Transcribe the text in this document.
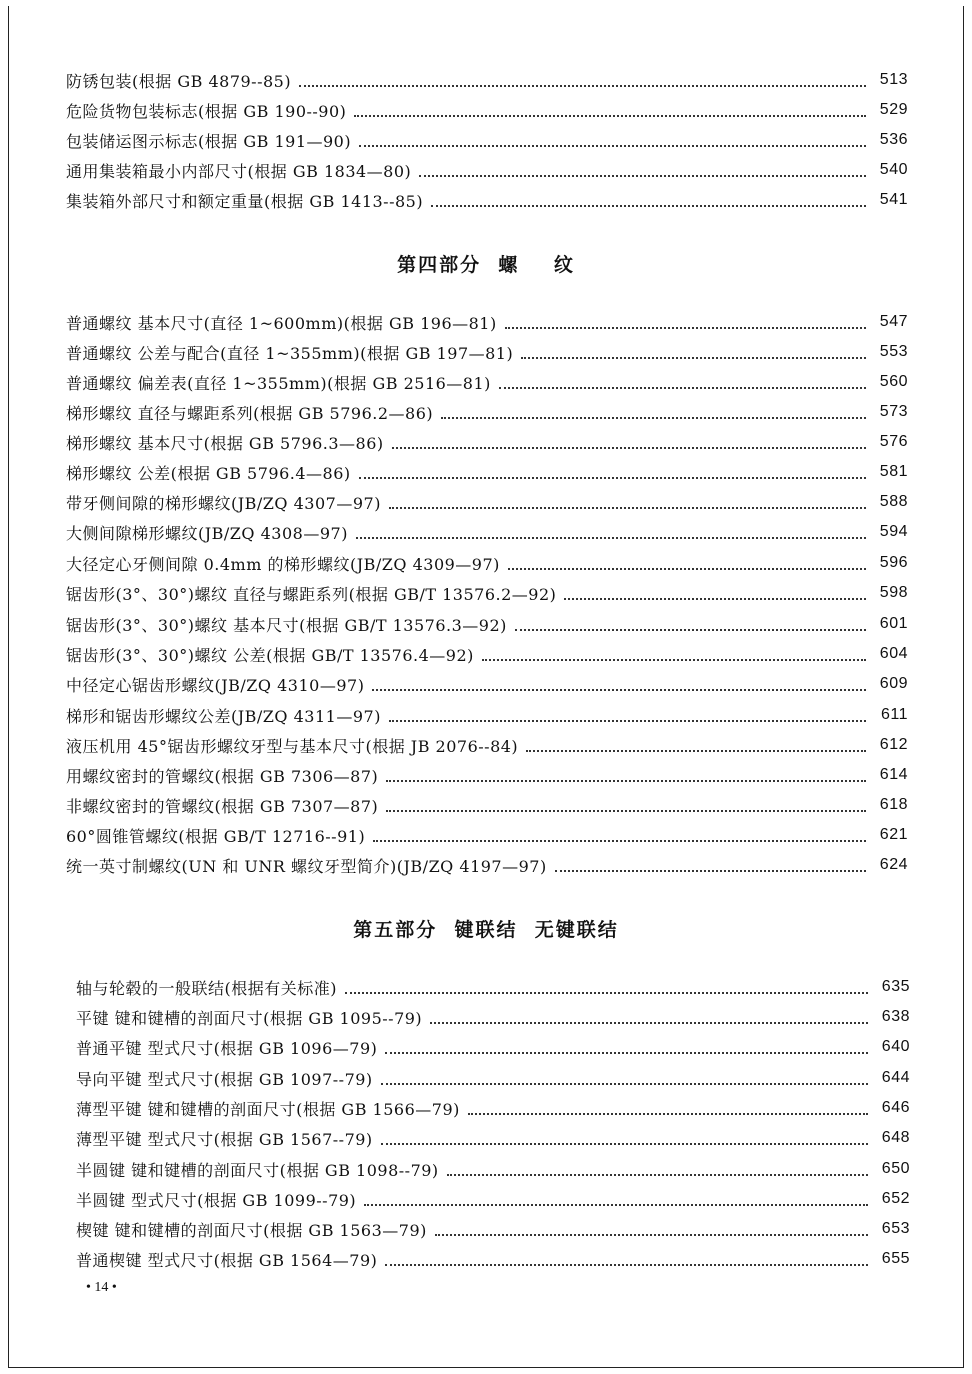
防锈包装(根据 GB 4879--85)	513
危险货物包装标志(根据 GB 190--90)	529
包装储运图示标志(根据 GB 191—90)	536
通用集装箱最小内部尺寸(根据 GB 1834—80)	540
集装箱外部尺寸和额定重量(根据 GB 1413--85)	541
第四部分  螺    纹
普通螺纹 基本尺寸(直径 1~600mm)(根据 GB 196—81)	547
普通螺纹 公差与配合(直径 1~355mm)(根据 GB 197—81)	553
普通螺纹 偏差表(直径 1~355mm)(根据 GB 2516—81)	560
梯形螺纹 直径与螺距系列(根据 GB 5796.2—86)	573
梯形螺纹 基本尺寸(根据 GB 5796.3—86)	576
梯形螺纹 公差(根据 GB 5796.4—86)	581
带牙侧间隙的梯形螺纹(JB/ZQ 4307—97)	588
大侧间隙梯形螺纹(JB/ZQ 4308—97)	594
大径定心牙侧间隙 0.4mm 的梯形螺纹(JB/ZQ 4309—97)	596
锯齿形(3°、30°)螺纹 直径与螺距系列(根据 GB/T 13576.2—92)	598
锯齿形(3°、30°)螺纹 基本尺寸(根据 GB/T 13576.3—92)	601
锯齿形(3°、30°)螺纹 公差(根据 GB/T 13576.4—92)	604
中径定心锯齿形螺纹(JB/ZQ 4310—97)	609
梯形和锯齿形螺纹公差(JB/ZQ 4311—97)	611
液压机用 45°锯齿形螺纹牙型与基本尺寸(根据 JB 2076--84)	612
用螺纹密封的管螺纹(根据 GB 7306—87)	614
非螺纹密封的管螺纹(根据 GB 7307—87)	618
60°圆锥管螺纹(根据 GB/T 12716--91)	621
统一英寸制螺纹(UN 和 UNR 螺纹牙型简介)(JB/ZQ 4197—97)	624
第五部分  键联结  无键联结
轴与轮毂的一般联结(根据有关标准)	635
平键 键和键槽的剖面尺寸(根据 GB 1095--79)	638
普通平键 型式尺寸(根据 GB 1096—79)	640
导向平键 型式尺寸(根据 GB 1097--79)	644
薄型平键 键和键槽的剖面尺寸(根据 GB 1566—79)	646
薄型平键 型式尺寸(根据 GB 1567--79)	648
半圆键 键和键槽的剖面尺寸(根据 GB 1098--79)	650
半圆键 型式尺寸(根据 GB 1099--79)	652
楔键 键和键槽的剖面尺寸(根据 GB 1563—79)	653
普通楔键 型式尺寸(根据 GB 1564—79)	655
• 14 •
